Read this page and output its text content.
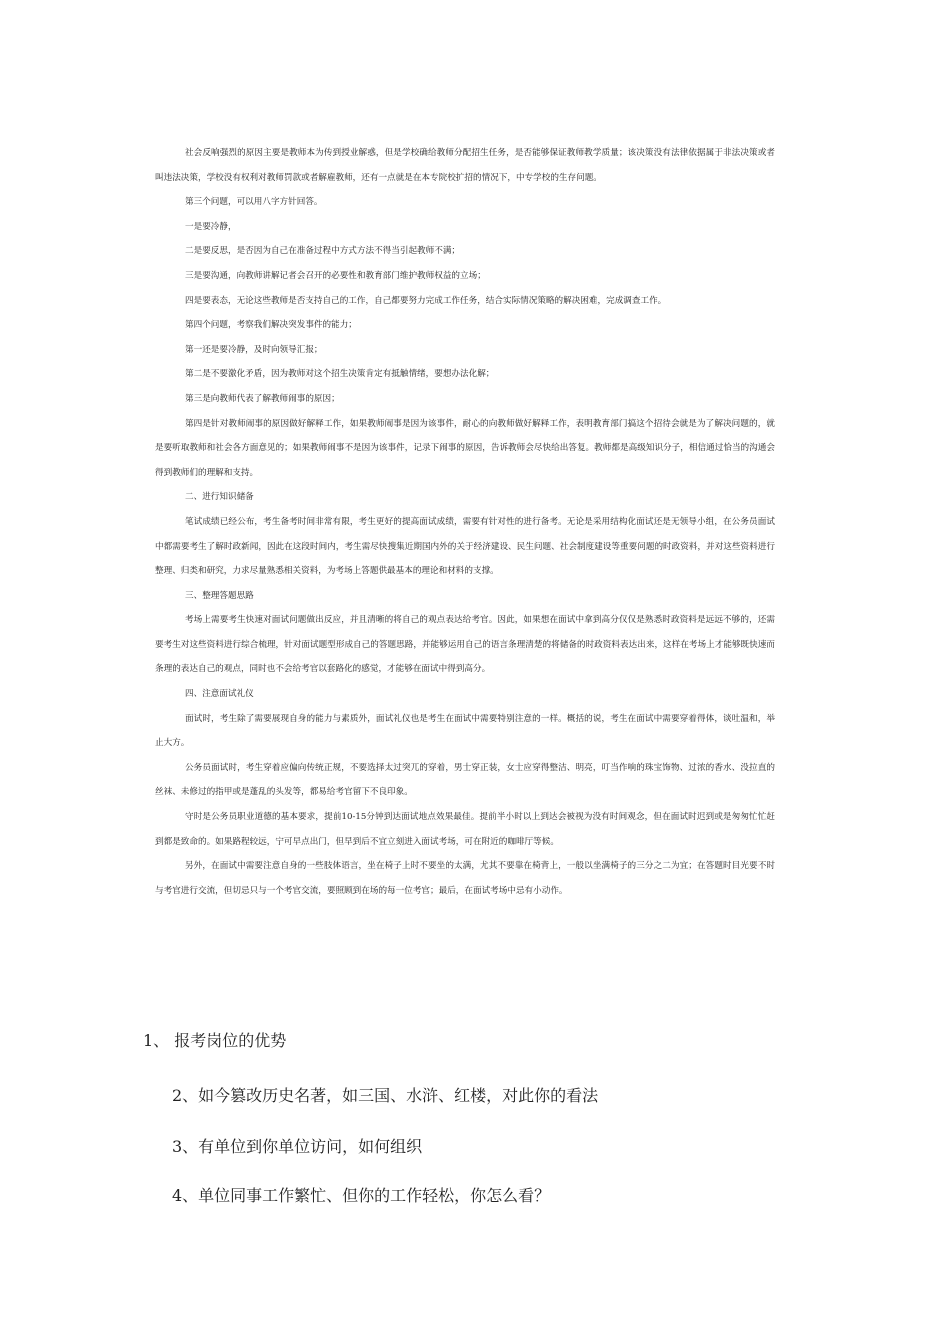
社会反响强烈的原因主要是教师本为传到授业解惑，但是学校确给教师分配招生任务，是否能够保证教师教学质量；该决策没有法律依据属于非法决策或者叫违法决策，学校没有权利对教师罚款或者解雇教师，还有一点就是在本专院校扩招的情况下，中专学校的生存问题。

第三个问题，可以用八字方针回答。

一是要冷静，

二是要反思，是否因为自己在准备过程中方式方法不得当引起教师不满；

三是要沟通，向教师讲解记者会召开的必要性和教育部门维护教师权益的立场；

四是要表态，无论这些教师是否支持自己的工作，自己都要努力完成工作任务，结合实际情况策略的解决困难，完成调查工作。

第四个问题，考察我们解决突发事件的能力；

第一还是要冷静，及时向领导汇报；

第二是不要激化矛盾，因为教师对这个招生决策肯定有抵触情绪，要想办法化解；

第三是向教师代表了解教师闹事的原因；

第四是针对教师闹事的原因做好解释工作，如果教师闹事是因为该事件，耐心的向教师做好解释工作，表明教育部门搞这个招待会就是为了解决问题的，就是要听取教师和社会各方面意见的；如果教师闹事不是因为该事件，记录下闹事的原因，告诉教师会尽快给出答复。教师都是高级知识分子，相信通过恰当的沟通会得到教师们的理解和支持。

二、进行知识储备

笔试成绩已经公布，考生备考时间非常有限，考生更好的提高面试成绩，需要有针对性的进行备考。无论是采用结构化面试还是无领导小组，在公务员面试中都需要考生了解时政新闻，因此在这段时间内，考生需尽快搜集近期国内外的关于经济建设、民生问题、社会制度建设等重要问题的时政资料，并对这些资料进行整理、归类和研究，力求尽量熟悉相关资料，为考场上答题供最基本的理论和材料的支撑。

三、整理答题思路

考场上需要考生快速对面试问题做出反应，并且清晰的将自己的观点表达给考官。因此，如果想在面试中拿到高分仅仅是熟悉时政资料是远远不够的，还需要考生对这些资料进行综合梳理，针对面试题型形成自己的答题思路，并能够运用自己的语言条理清楚的将储备的时政资料表达出来，这样在考场上才能够既快速而条理的表达自己的观点，同时也不会给考官以套路化的感觉，才能够在面试中得到高分。

四、注意面试礼仪

面试时，考生除了需要展现自身的能力与素质外，面试礼仪也是考生在面试中需要特别注意的一样。概括的说，考生在面试中需要穿着得体，谈吐温和，举止大方。

公务员面试时，考生穿着应偏向传统正规，不要选择太过突兀的穿着，男士穿正装，女士应穿得整洁、明亮，叮当作响的珠宝饰物、过浓的香水、没拉直的丝袜、未修过的指甲或是蓬乱的头发等，都易给考官留下不良印象。

守时是公务员职业道德的基本要求，提前10-15分钟到达面试地点效果最佳。提前半小时以上到达会被视为没有时间观念，但在面试时迟到或是匆匆忙忙赶到都是致命的。如果路程较远，宁可早点出门，但早到后不宜立刻进入面试考场，可在附近的咖啡厅等候。

另外，在面试中需要注意自身的一些肢体语言，坐在椅子上时不要坐的太满，尤其不要靠在椅背上，一般以坐满椅子的三分之二为宜；在答题时目光要不时与考官进行交流，但切忌只与一个考官交流，要照顾到在场的每一位考官；最后，在面试考场中忌有小动作。

1、 报考岗位的优势
2、如今篡改历史名著，如三国、水浒、红楼，对此你的看法
3、有单位到你单位访问，如何组织
4、单位同事工作繁忙、但你的工作轻松，你怎么看？
